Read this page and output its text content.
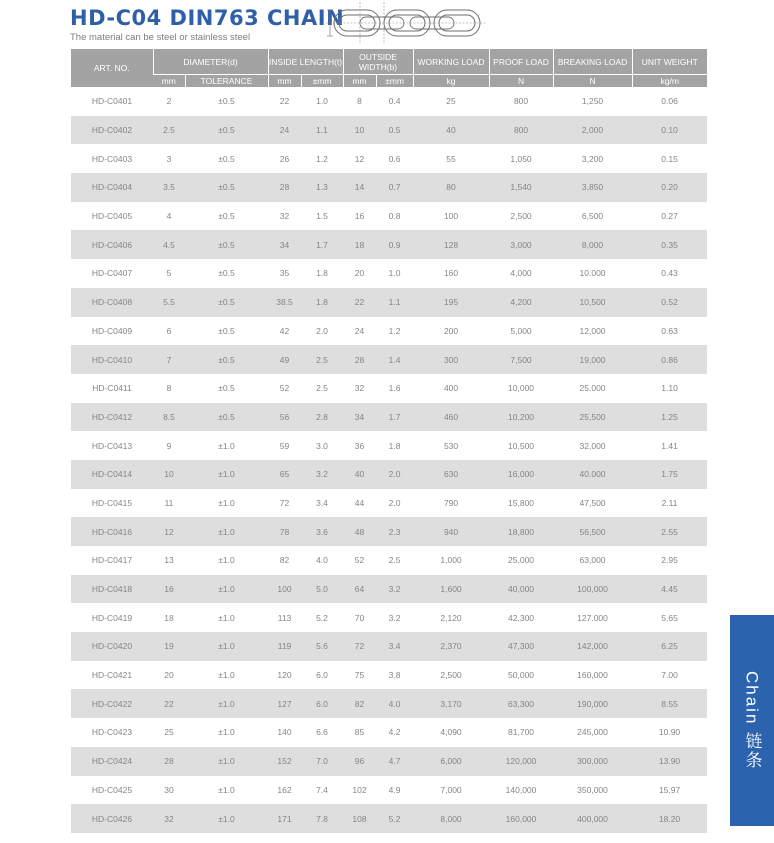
HD-C04 DIN763 CHAIN
The material can be steel or stainless steel
ART. NO.	DIAMETER(d)		INSIDE LENGTH(t)		OUTSIDE WIDTH(b)		WORKING LOAD	PROOF LOAD	BREAKING LOAD	UNIT WEIGHT
	mm	TOLERANCE	mm	±mm	mm	±mm	kg	N	N	kg/m
HD-C0401	2	±0.5	22	1.0	8	0.4	25	800	1,250	0.06
HD-C0402	2.5	±0.5	24	1.1	10	0.5	40	800	2,000	0.10
HD-C0403	3	±0.5	26	1.2	12	0.6	55	1,050	3,200	0.15
HD-C0404	3.5	±0.5	28	1.3	14	0.7	80	1,540	3,850	0.20
HD-C0405	4	±0.5	32	1.5	16	0.8	100	2,500	6,500	0.27
HD-C0406	4.5	±0.5	34	1.7	18	0.9	128	3,000	8,000	0.35
HD-C0407	5	±0.5	35	1.8	20	1.0	160	4,000	10.000	0.43
HD-C0408	5.5	±0.5	38.5	1.8	22	1.1	195	4,200	10,500	0.52
HD-C0409	6	±0.5	42	2.0	24	1.2	200	5,000	12,000	0.63
HD-C0410	7	±0.5	49	2.5	28	1.4	300	7,500	19,000	0.86
HD-C0411	8	±0.5	52	2.5	32	1.6	400	10,000	25.000	1.10
HD-C0412	8.5	±0.5	56	2.8	34	1.7	460	10,200	25,500	1.25
HD-C0413	9	±1.0	59	3.0	36	1.8	530	10,500	32,000	1.41
HD-C0414	10	±1.0	65	3.2	40	2.0	630	16,000	40.000	1.75
HD-C0415	11	±1.0	72	3.4	44	2.0	790	15,800	47,500	2.11
HD-C0416	12	±1.0	78	3.6	48	2.3	940	18,800	56,500	2.55
HD-C0417	13	±1.0	82	4.0	52	2.5	1,000	25,000	63,000	2.95
HD-C0418	16	±1.0	100	5.0	64	3.2	1,600	40,000	100,000	4.45
HD-C0419	18	±1.0	113	5.2	70	3.2	2,120	42,300	127.000	5.65
HD-C0420	19	±1.0	119	5.6	72	3.4	2,370	47,300	142,000	6.25
HD-C0421	20	±1.0	120	6.0	75	3.8	2,500	50,000	160,000	7.00
HD-C0422	22	±1.0	127	6.0	82	4.0	3,170	63,300	190,000	8.55
HD-C0423	25	±1.0	140	6.6	85	4.2	4,090	81,700	245,000	10.90
HD-C0424	28	±1.0	152	7.0	96	4.7	6,000	120,000	300,000	13.90
HD-C0425	30	±1.0	162	7.4	102	4.9	7,000	140,000	350,000	15.97
HD-C0426	32	±1.0	171	7.8	108	5.2	8,000	160,000	400,000	18.20
Chain 链条
